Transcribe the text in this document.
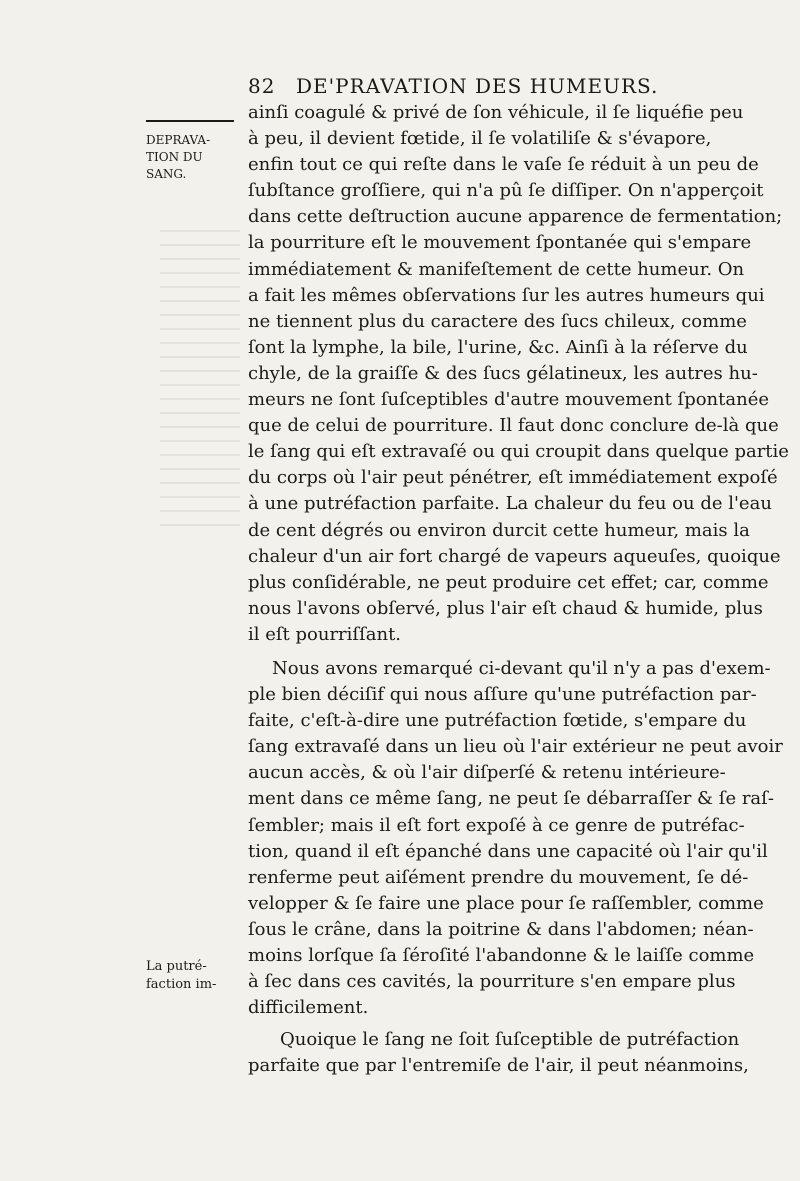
82 DE'PRAVATION DES HUMEURS.
DEPRAVA-
TION DU
SANG.
La putré-
faction im-

ainſi coagulé & privé de ſon véhicule, il ſe liquéfie peu
à peu, il devient fœtide, il ſe volatiliſe & s'évapore,
enfin tout ce qui reſte dans le vaſe ſe réduit à un peu de
ſubſtance groſſiere, qui n'a pû ſe diſſiper. On n'apperçoit
dans cette deſtruction aucune apparence de fermentation;
la pourriture eſt le mouvement ſpontanée qui s'empare
immédiatement & manifeſtement de cette humeur. On
a fait les mêmes obſervations ſur les autres humeurs qui
ne tiennent plus du caractere des ſucs chileux, comme
ſont la lymphe, la bile, l'urine, &c. Ainſi à la réſerve du
chyle, de la graiſſe & des ſucs gélatineux, les autres hu-
meurs ne ſont ſuſceptibles d'autre mouvement ſpontanée
que de celui de pourriture. Il faut donc conclure de-là que
le ſang qui eſt extravaſé ou qui croupit dans quelque partie
du corps où l'air peut pénétrer, eſt immédiatement expoſé
à une putréfaction parfaite. La chaleur du feu ou de l'eau
de cent dégrés ou environ durcit cette humeur, mais la
chaleur d'un air fort chargé de vapeurs aqueuſes, quoique
plus conſidérable, ne peut produire cet effet; car, comme
nous l'avons obſervé, plus l'air eſt chaud & humide, plus
il eſt pourriſſant.

Nous avons remarqué ci-devant qu'il n'y a pas d'exem-
ple bien déciſif qui nous aſſure qu'une putréfaction par-
faite, c'eſt-à-dire une putréfaction fœtide, s'empare du
ſang extravaſé dans un lieu où l'air extérieur ne peut avoir
aucun accès, & où l'air diſperſé & retenu intérieure-
ment dans ce même ſang, ne peut ſe débarraſſer & ſe raſ-
ſembler; mais il eſt fort expoſé à ce genre de putréfac-
tion, quand il eſt épanché dans une capacité où l'air qu'il
renferme peut aiſément prendre du mouvement, ſe dé-
velopper & ſe faire une place pour ſe raſſembler, comme
ſous le crâne, dans la poitrine & dans l'abdomen; néan-
moins lorſque ſa ſéroſité l'abandonne & le laiſſe comme
à ſec dans ces cavités, la pourriture s'en empare plus
difficilement.

Quoique le ſang ne ſoit ſuſceptible de putréfaction
parfaite que par l'entremiſe de l'air, il peut néanmoins,
